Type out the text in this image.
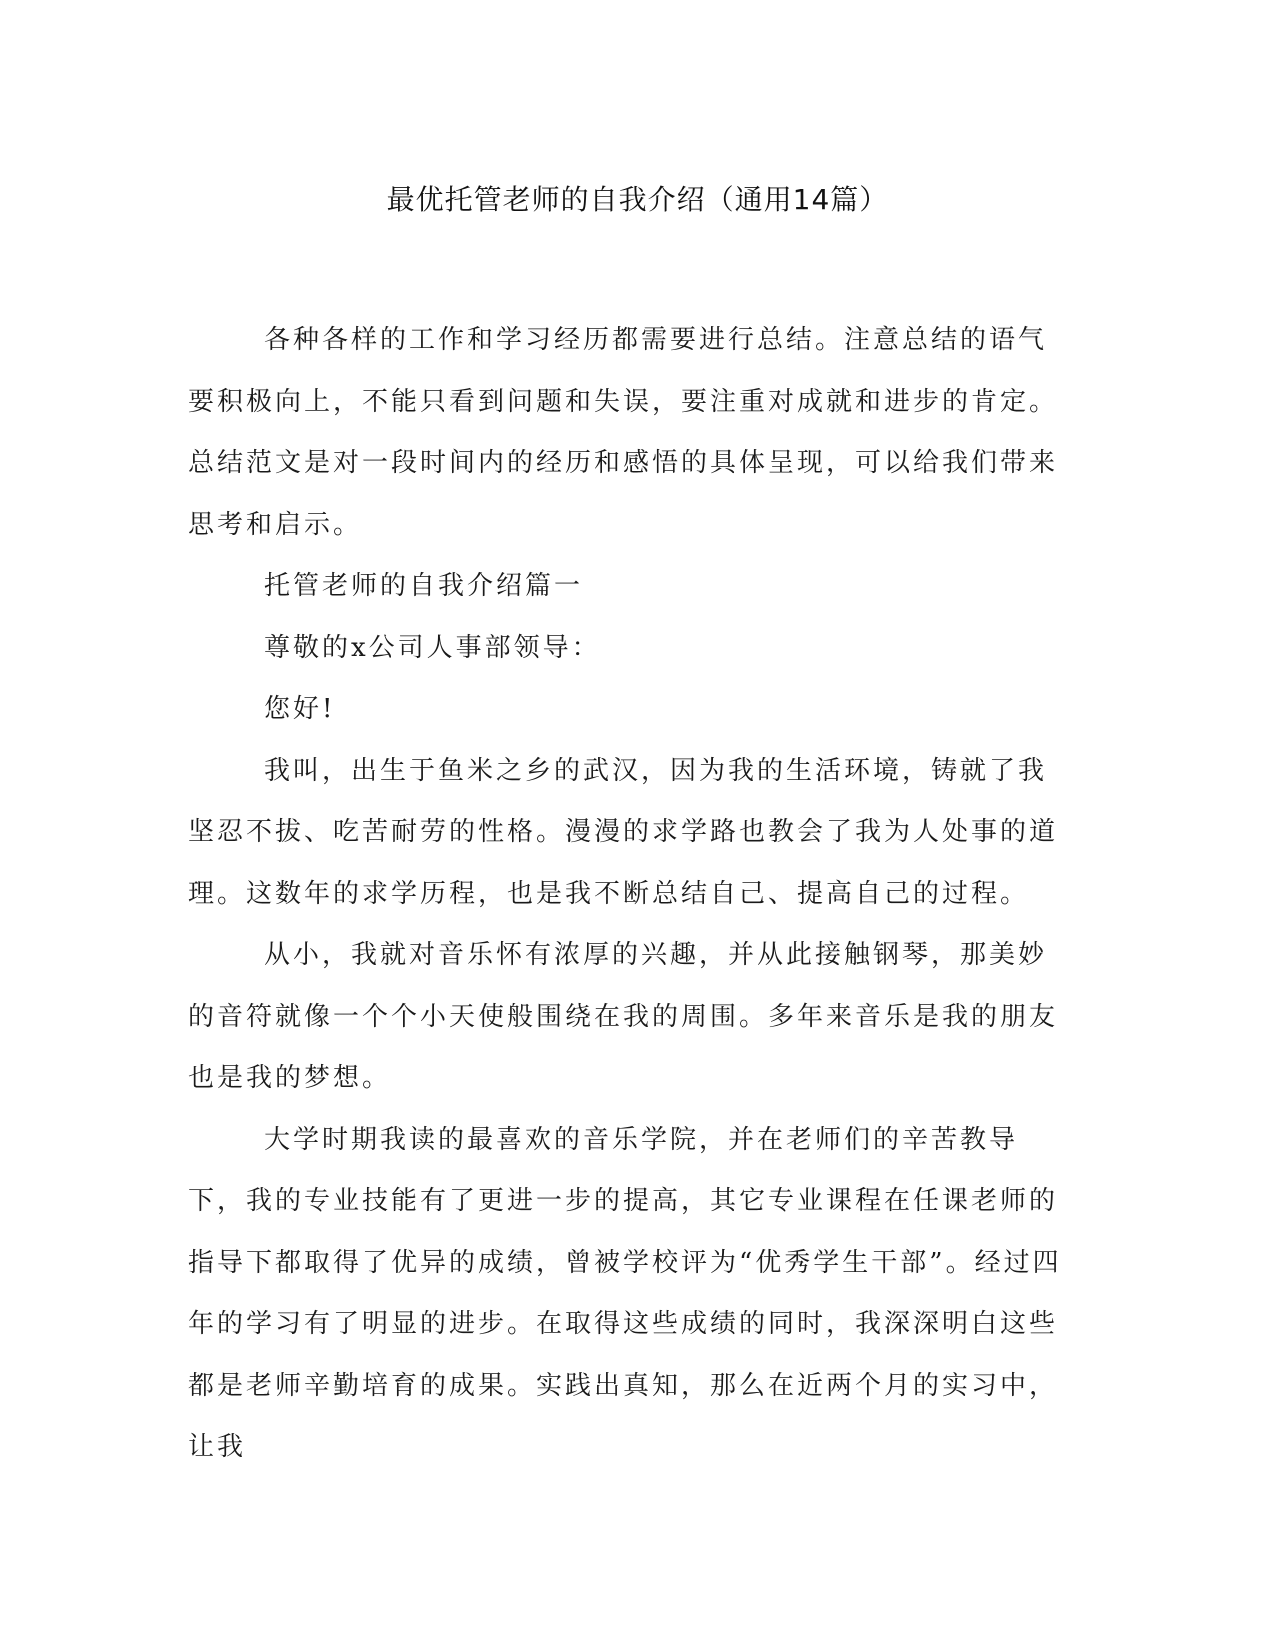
最优托管老师的自我介绍（通用14篇）

各种各样的工作和学习经历都需要进行总结。注意总结的语气要积极向上，不能只看到问题和失误，要注重对成就和进步的肯定。总结范文是对一段时间内的经历和感悟的具体呈现，可以给我们带来思考和启示。

托管老师的自我介绍篇一

尊敬的x公司人事部领导：

您好!

我叫，出生于鱼米之乡的武汉，因为我的生活环境，铸就了我坚忍不拔、吃苦耐劳的性格。漫漫的求学路也教会了我为人处事的道理。这数年的求学历程，也是我不断总结自己、提高自己的过程。

从小，我就对音乐怀有浓厚的兴趣，并从此接触钢琴，那美妙的音符就像一个个小天使般围绕在我的周围。多年来音乐是我的朋友也是我的梦想。

大学时期我读的最喜欢的音乐学院，并在老师们的辛苦教导下，我的专业技能有了更进一步的提高，其它专业课程在任课老师的指导下都取得了优异的成绩，曾被学校评为“优秀学生干部”。经过四年的学习有了明显的进步。在取得这些成绩的同时，我深深明白这些都是老师辛勤培育的成果。实践出真知，那么在近两个月的实习中，让我
